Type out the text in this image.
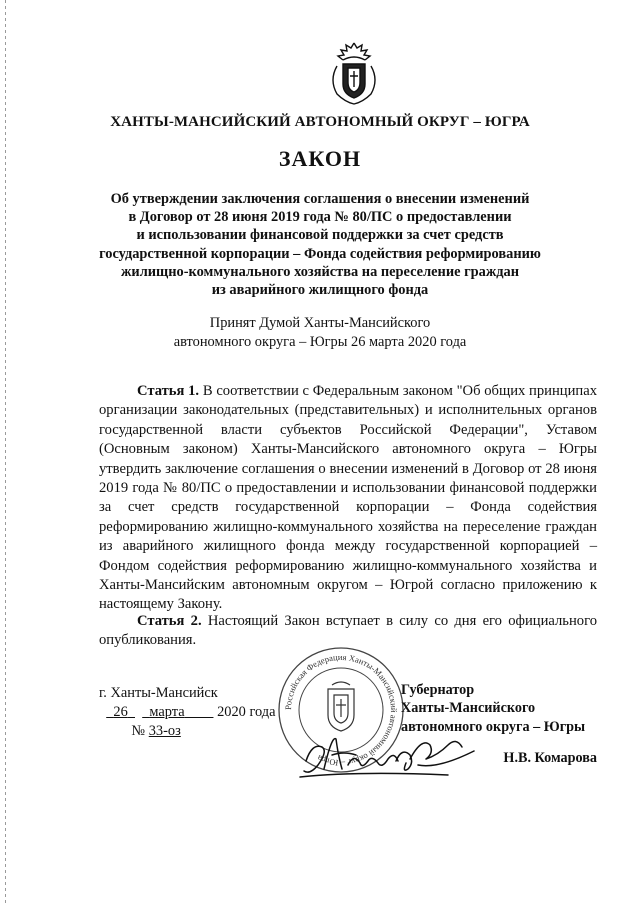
ХАНТЫ-МАНСИЙСКИЙ АВТОНОМНЫЙ ОКРУГ – ЮГРА
ЗАКОН
Об утверждении заключения соглашения о внесении изменений
в Договор от 28 июня 2019 года № 80/ПС о предоставлении
и использовании финансовой поддержки за счет средств
государственной корпорации – Фонда содействия реформированию
жилищно-коммунального хозяйства на переселение граждан
из аварийного жилищного фонда
Принят Думой Ханты-Мансийского
автономного округа – Югры 26 марта 2020 года

Статья 1. В соответствии с Федеральным законом "Об общих принципах организации законодательных (представительных) и исполнительных органов государственной власти субъектов Российской Федерации", Уставом (Основным законом) Ханты-Мансийского автономного округа – Югры утвердить заключение соглашения о внесении изменений в Договор от 28 июня 2019 года № 80/ПС о предоставлении и использовании финансовой поддержки за счет средств государственной корпорации – Фонда содействия реформированию жилищно-коммунального хозяйства на переселение граждан из аварийного жилищного фонда между государственной корпорацией – Фондом содействия реформированию жилищно-коммунального хозяйства и Ханты-Мансийским автономным округом – Югрой согласно приложению к настоящему Закону.

Статья 2. Настоящий Закон вступает в силу со дня его официального опубликования.

Российская Федерация Ханты-Мансийский автономный округ – Югра
г. Ханты-Мансийск
26 марта 2020 года
№ 33-оз
Губернатор
Ханты-Мансийского
автономного округа – Югры
Н.В. Комарова
